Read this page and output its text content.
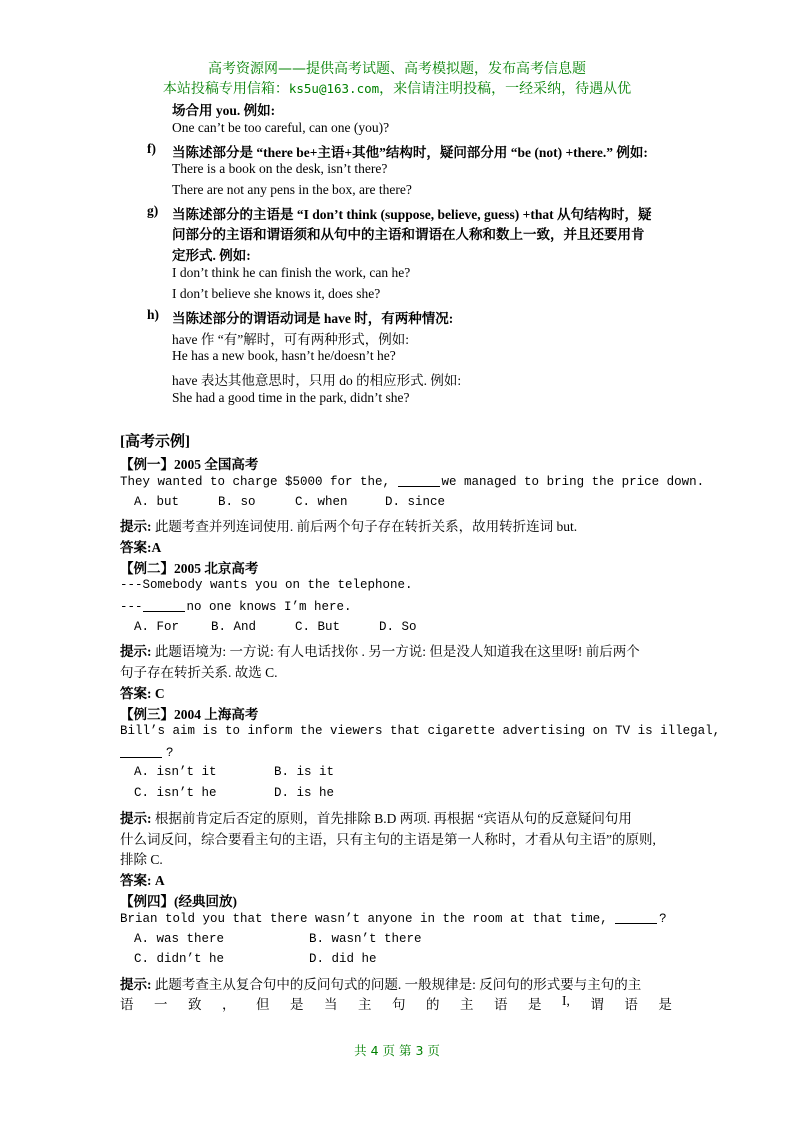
高考资源网——提供高考试题、高考模拟题，发布高考信息题
本站投稿专用信箱：ks5u@163.com，来信请注明投稿，一经采纳，待遇从优
场合用 you. 例如:
One can’t be too careful, can one (you)?
f) 当陈述部分是 “there be+主语+其他”结构时，疑问部分用 “be (not) +there.” 例如:
There is a book on the desk, isn’t there?
There are not any pens in the box, are there?
g) 当陈述部分的主语是 “I don’t think (suppose, believe, guess) +that 从句结构时，疑
问部分的主语和谓语须和从句中的主语和谓语在人称和数上一致，并且还要用肯
定形式. 例如:
I don’t think he can finish the work, can he?
I don’t believe she knows it, does she?
h) 当陈述部分的谓语动词是 have 时，有两种情况:
have 作 “有”解时，可有两种形式，例如:
He has a new book, hasn’t he/doesn’t he?
have 表达其他意思时，只用 do 的相应形式. 例如:
She had a good time in the park, didn’t she?
[高考示例]
【例一】2005 全国高考
They wanted to charge $5000 for the,	we managed to bring the price down.
A. but	B. so	C. when	D. since
提示: 此题考查并列连词使用. 前后两个句子存在转折关系，故用转折连词 but.
答案:A
【例二】2005 北京高考
---Somebody wants you on the telephone.
---	no one knows I’m here.
A. For	B. And	C. But	D. So
提示: 此题语境为: 一方说: 有人电话找你 . 另一方说: 但是没人知道我在这里呀! 前后两个
句子存在转折关系. 故选 C.
答案: C
【例三】2004 上海高考
Bill’s aim is to inform the viewers that cigarette advertising on TV is illegal,
?
A. isn’t it	B. is it
C. isn’t he	D. is he
提示: 根据前肯定后否定的原则，首先排除 B.D 两项. 再根据 “宾语从句的反意疑问句用
什么词反问，综合要看主句的主语，只有主句的主语是第一人称时，才看从句主语”的原则,
排除 C.
答案: A
【例四】(经典回放)
Brian told you that there wasn’t anyone in the room at that time,	?
A. was there	B. wasn’t there
C. didn’t he	D. did he
提示: 此题考查主从复合句中的反问句式的问题. 一般规律是: 反问句的形式要与主句的主
语 一 致 ， 但 是 当 主 句 的 主 语 是 I, 谓 语 是
共 4 页 第 3 页
